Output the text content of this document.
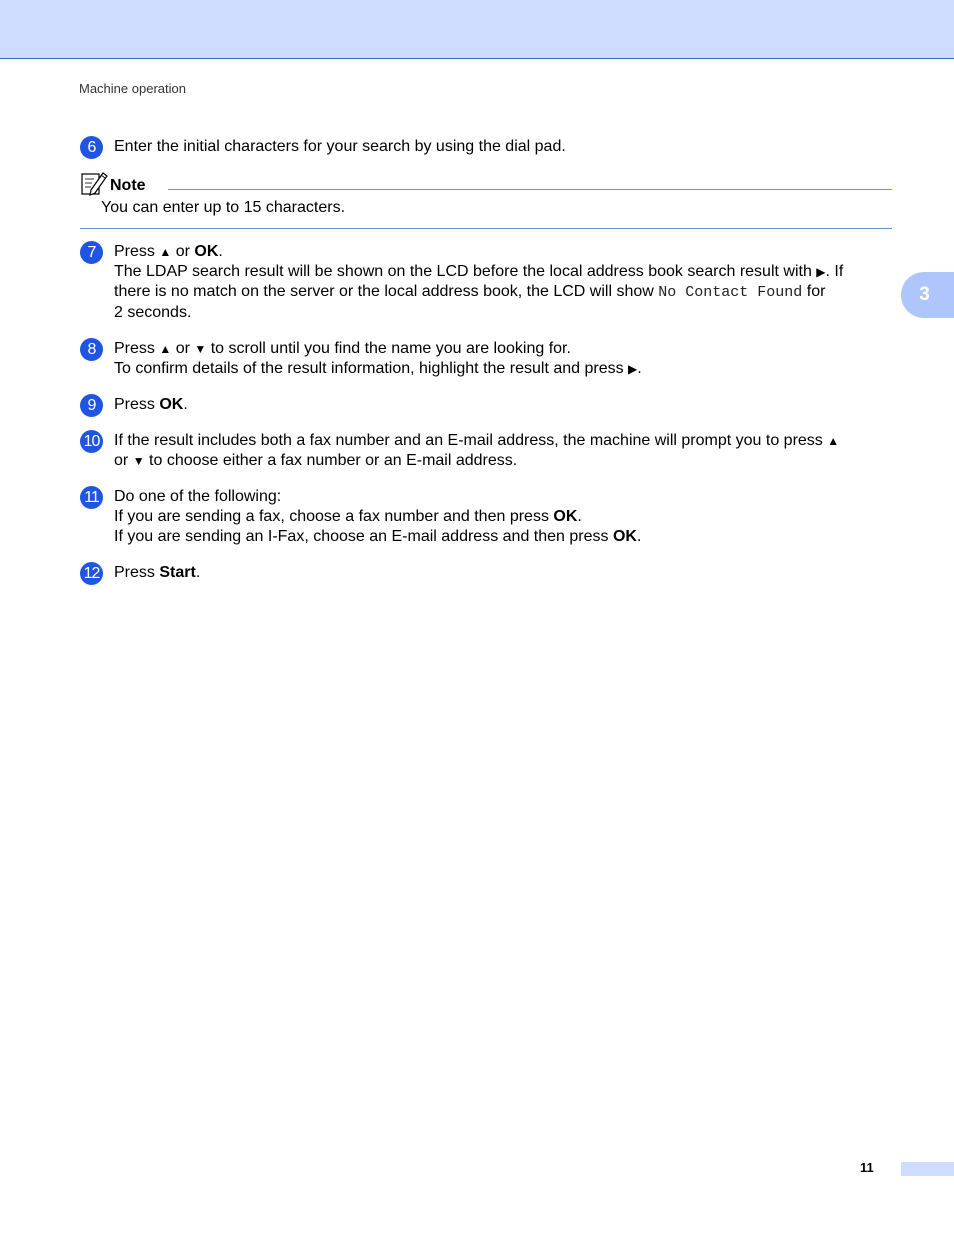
Machine operation
3
6	Enter the initial characters for your search by using the dial pad.
Note
You can enter up to 15 characters.
7	Press ▲ or OK.
The LDAP search result will be shown on the LCD before the local address book search result with ▶. If
there is no match on the server or the local address book, the LCD will show No Contact Found for
2 seconds.
8	Press ▲ or ▼ to scroll until you find the name you are looking for.
To confirm details of the result information, highlight the result and press ▶.
9	Press OK.
10 If the result includes both a fax number and an E-mail address, the machine will prompt you to press ▲
or ▼ to choose either a fax number or an E-mail address.
11 Do one of the following:
If you are sending a fax, choose a fax number and then press OK.
If you are sending an I-Fax, choose an E-mail address and then press OK.
12 Press Start.
11
